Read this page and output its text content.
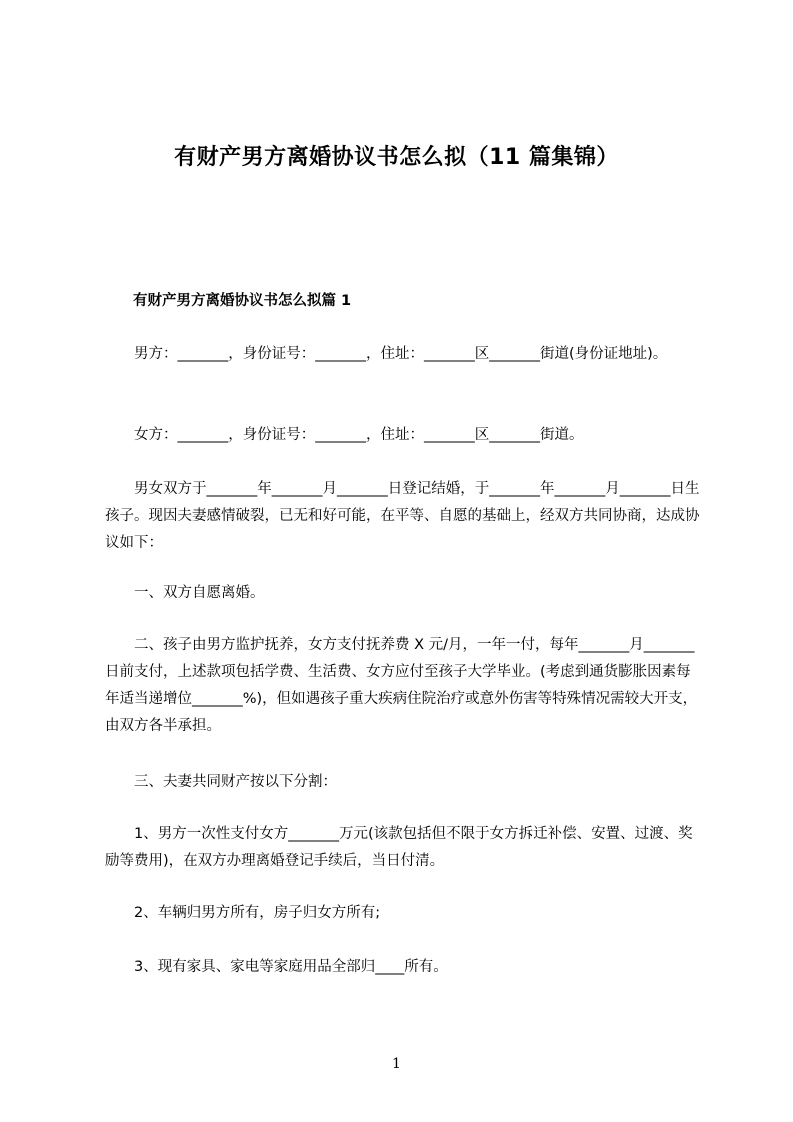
有财产男方离婚协议书怎么拟（11 篇集锦）
有财产男方离婚协议书怎么拟篇 1

男方：_______，身份证号：_______，住址：_______区_______街道(身份证地址)。

女方：_______，身份证号：_______，住址：_______区_______街道。

男女双方于_______年_______月_______日登记结婚，于_______年_______月_______日生孩子。现因夫妻感情破裂，已无和好可能，在平等、自愿的基础上，经双方共同协商，达成协议如下：

一、双方自愿离婚。

二、孩子由男方监护抚养，女方支付抚养费 X 元/月，一年一付，每年_______月_______日前支付，上述款项包括学费、生活费、女方应付至孩子大学毕业。(考虑到通货膨胀因素每年适当递增位_______%)，但如遇孩子重大疾病住院治疗或意外伤害等特殊情况需较大开支，由双方各半承担。

三、夫妻共同财产按以下分割：

1、男方一次性支付女方_______万元(该款包括但不限于女方拆迁补偿、安置、过渡、奖励等费用)，在双方办理离婚登记手续后，当日付清。

2、车辆归男方所有，房子归女方所有;

3、现有家具、家电等家庭用品全部归____所有。

1
